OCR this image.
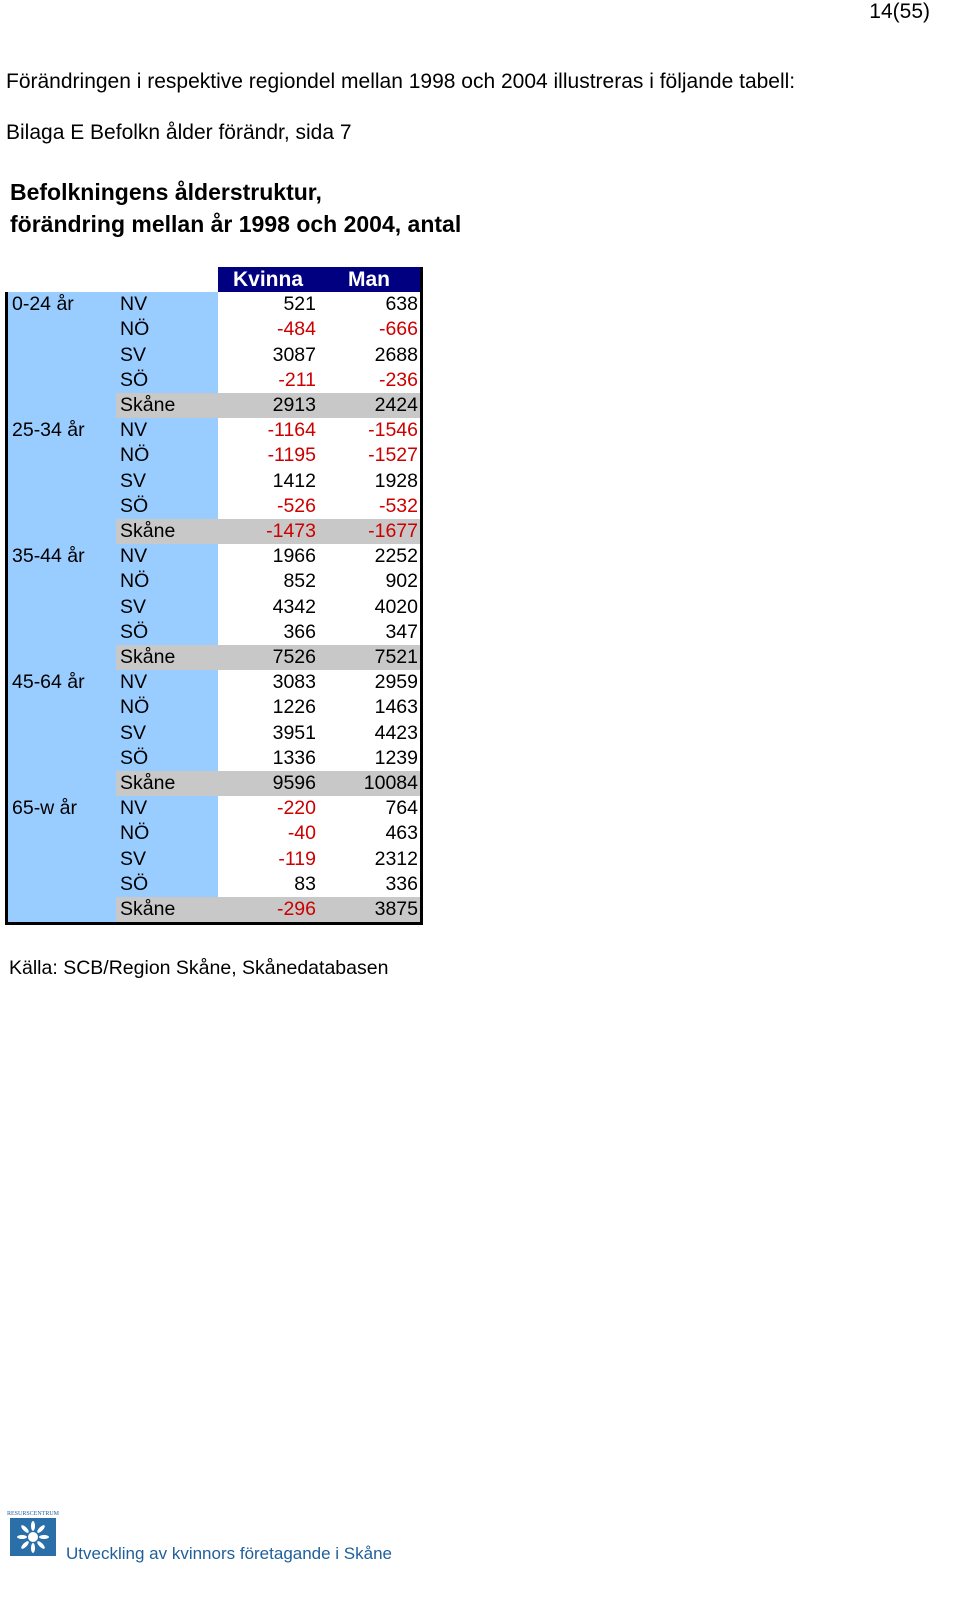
14(55)
Förändringen i respektive regiondel mellan 1998 och 2004 illustreras i följande tabell:
Bilaga E Befolkn ålder förändr, sida 7
Befolkningens ålderstruktur,
förändring mellan år 1998 och 2004, antal
		Kvinna	Man
0-24 år	NV	521	638
	NÖ	-484	-666
	SV	3087	2688
	SÖ	-211	-236
	Skåne	2913	2424
25-34 år	NV	-1164	-1546
	NÖ	-1195	-1527
	SV	1412	1928
	SÖ	-526	-532
	Skåne	-1473	-1677
35-44 år	NV	1966	2252
	NÖ	852	902
	SV	4342	4020
	SÖ	366	347
	Skåne	7526	7521
45-64 år	NV	3083	2959
	NÖ	1226	1463
	SV	3951	4423
	SÖ	1336	1239
	Skåne	9596	10084
65-w år	NV	-220	764
	NÖ	-40	463
	SV	-119	2312
	SÖ	83	336
	Skåne	-296	3875
Källa: SCB/Region Skåne, Skånedatabasen
RESURSCENTRUM
Utveckling av kvinnors företagande i Skåne
